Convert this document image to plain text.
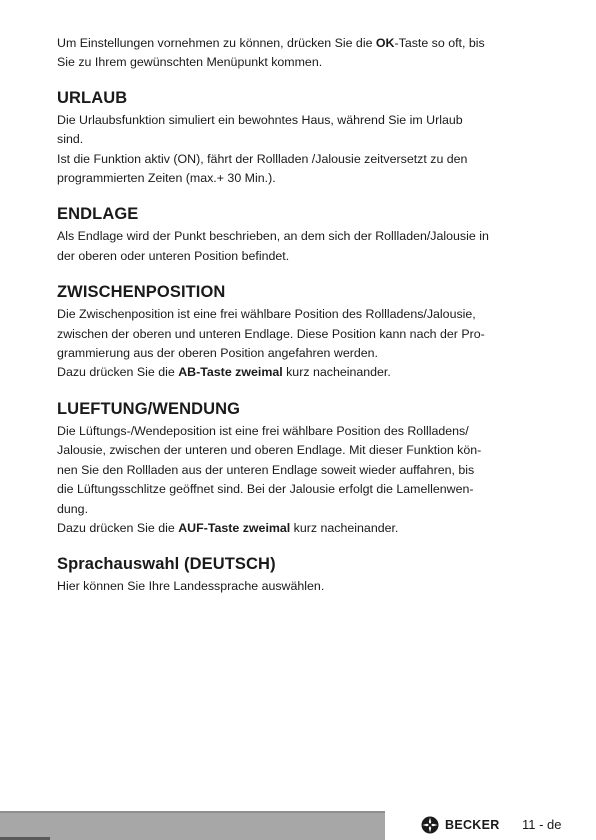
Um Einstellungen vornehmen zu können, drücken Sie die OK-Taste so oft, bis
Sie zu Ihrem gewünschten Menüpunkt kommen.

URLAUB

Die Urlaubsfunktion simuliert ein bewohntes Haus, während Sie im Urlaub
sind.
Ist die Funktion aktiv (ON), fährt der Rollladen /Jalousie zeitversetzt zu den
programmierten Zeiten (max.+ 30 Min.).

ENDLAGE

Als Endlage wird der Punkt beschrieben, an dem sich der Rollladen/Jalousie in
der oberen oder unteren Position befindet.

ZWISCHENPOSITION

Die Zwischenposition ist eine frei wählbare Position des Rollladens/Jalousie,
zwischen der oberen und unteren Endlage. Diese Position kann nach der Pro-
grammierung aus der oberen Position angefahren werden.
Dazu drücken Sie die AB-Taste zweimal kurz nacheinander.

LUEFTUNG/WENDUNG

Die Lüftungs-/Wendeposition ist eine frei wählbare Position des Rollladens/
Jalousie, zwischen der unteren und oberen Endlage. Mit dieser Funktion kön-
nen Sie den Rollladen aus der unteren Endlage soweit wieder auffahren, bis
die Lüftungsschlitze geöffnet sind. Bei der Jalousie erfolgt die Lamellenwen-
dung.
Dazu drücken Sie die AUF-Taste zweimal kurz nacheinander.

Sprachauswahl (DEUTSCH)

Hier können Sie Ihre Landessprache auswählen.

BECKER 11 - de
